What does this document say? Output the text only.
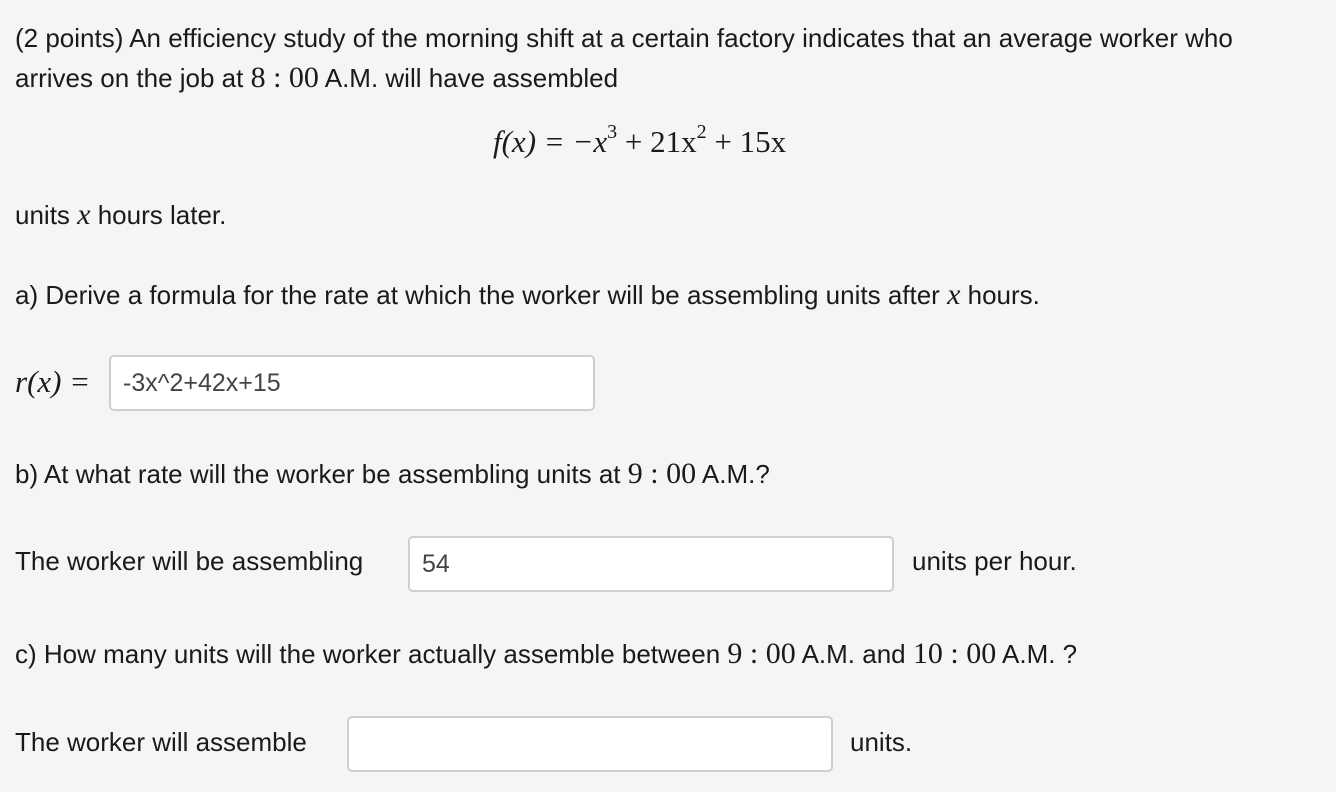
(2 points) An efficiency study of the morning shift at a certain factory indicates that an average worker who arrives on the job at 8 : 00 A.M. will have assembled
$f(x) = -x^3 + 21x^2 + 15x$
units x hours later.
a) Derive a formula for the rate at which the worker will be assembling units after x hours.
r(x) =
-3x^2+42x+15
b) At what rate will the worker be assembling units at 9 : 00 A.M.?
The worker will be assembling
54	units per hour.
c) How many units will the worker actually assemble between 9 : 00 A.M. and 10 : 00 A.M. ?
The worker will assemble	units.
